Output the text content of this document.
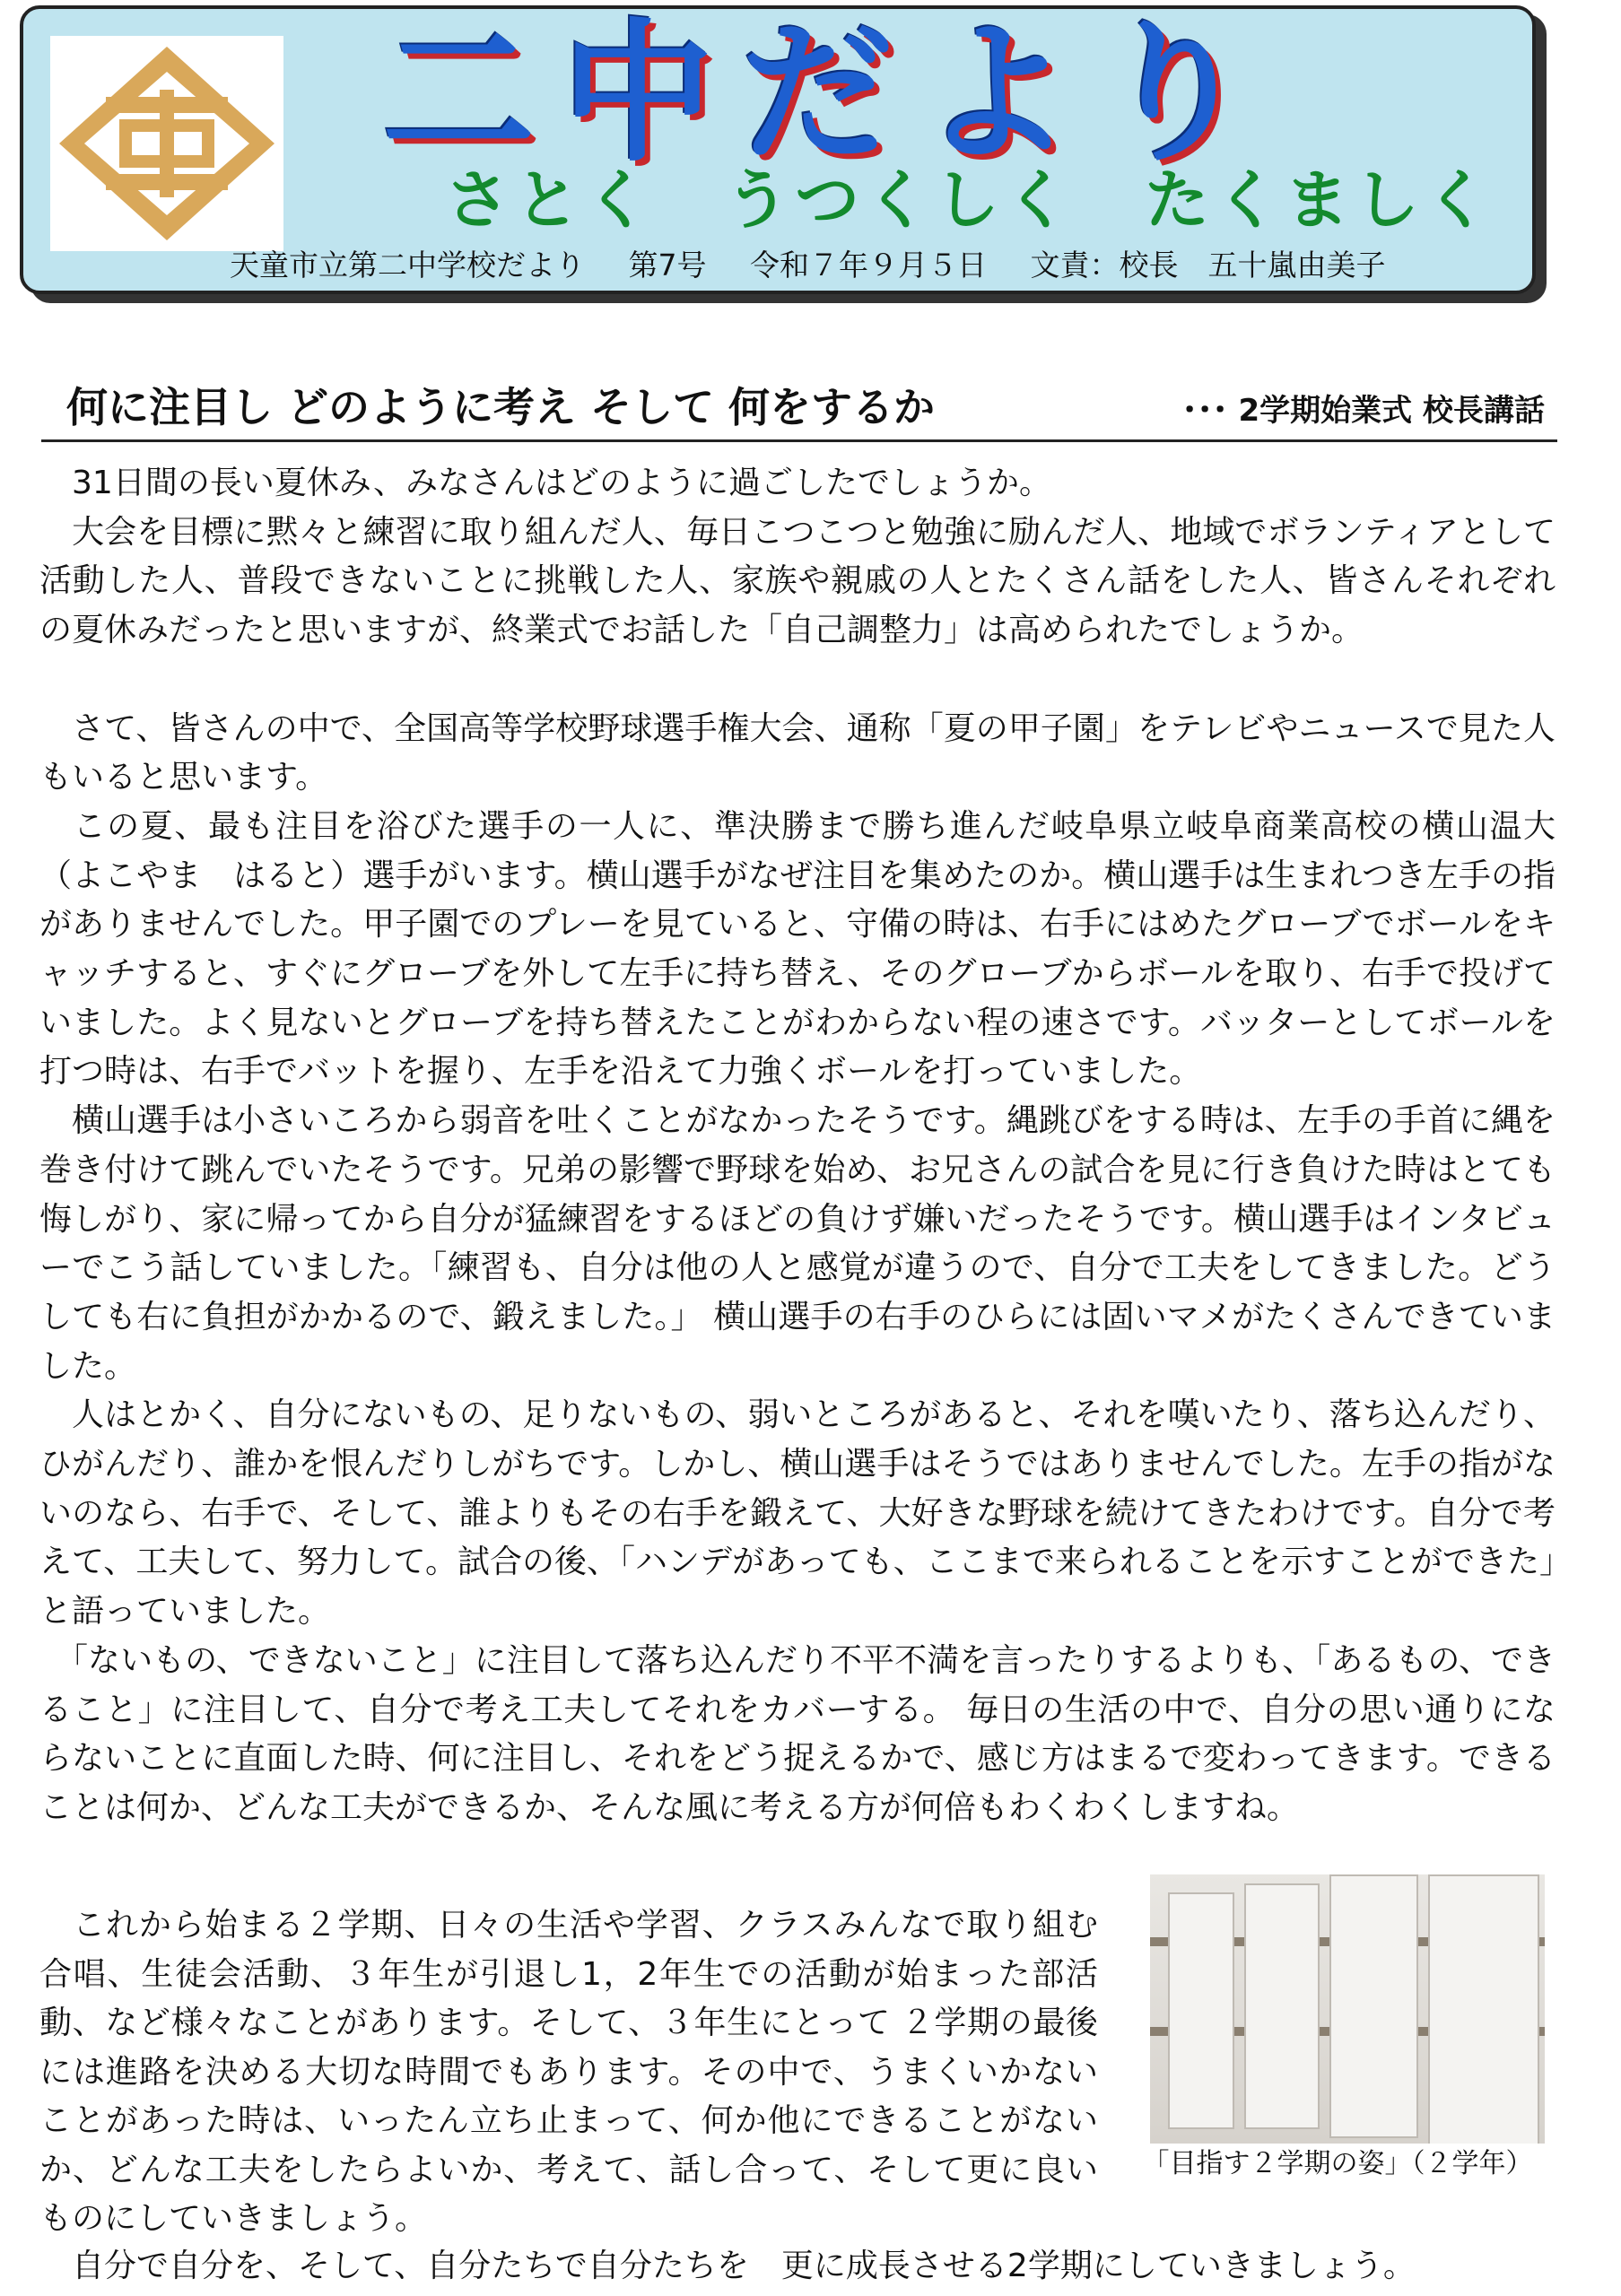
二中だより
さとく　うつくしく　たくましく
天童市立第二中学校だより 第7号 令和７年９月５日 文責：校長　五十嵐由美子
何に注目し どのように考え そして 何をするか	･･･ 2学期始業式 校長講話

　31日間の長い夏休み、みなさんはどのように過ごしたでしょうか。

　大会を目標に黙々と練習に取り組んだ人、毎日こつこつと勉強に励んだ人、地域でボランティアとして活動した人、普段できないことに挑戦した人、家族や親戚の人とたくさん話をした人、皆さんそれぞれの夏休みだったと思いますが、終業式でお話した「自己調整力」は高められたでしょうか。

　さて、皆さんの中で、全国高等学校野球選手権大会、通称「夏の甲子園」をテレビやニュースで見た人もいると思います。

　この夏、最も注目を浴びた選手の一人に、準決勝まで勝ち進んだ岐阜県立岐阜商業高校の横山温大（よこやま　はると）選手がいます。横山選手がなぜ注目を集めたのか。横山選手は生まれつき左手の指がありませんでした。甲子園でのプレーを見ていると、守備の時は、右手にはめたグローブでボールをキャッチすると、すぐにグローブを外して左手に持ち替え、そのグローブからボールを取り、右手で投げていました。よく見ないとグローブを持ち替えたことがわからない程の速さです。バッターとしてボールを打つ時は、右手でバットを握り、左手を沿えて力強くボールを打っていました。

　横山選手は小さいころから弱音を吐くことがなかったそうです。縄跳びをする時は、左手の手首に縄を巻き付けて跳んでいたそうです。兄弟の影響で野球を始め、お兄さんの試合を見に行き負けた時はとても悔しがり、家に帰ってから自分が猛練習をするほどの負けず嫌いだったそうです。横山選手はインタビューでこう話していました。「練習も、自分は他の人と感覚が違うので、自分で工夫をしてきました。どうしても右に負担がかかるので、鍛えました。」 横山選手の右手のひらには固いマメがたくさんできていました。

　人はとかく、自分にないもの、足りないもの、弱いところがあると、それを嘆いたり、落ち込んだり、ひがんだり、誰かを恨んだりしがちです。しかし、横山選手はそうではありませんでした。左手の指がないのなら、右手で、そして、誰よりもその右手を鍛えて、大好きな野球を続けてきたわけです。自分で考えて、工夫して、努力して。試合の後、「ハンデがあっても、ここまで来られることを示すことができた」と語っていました。

　「ないもの、できないこと」に注目して落ち込んだり不平不満を言ったりするよりも、「あるもの、できること」に注目して、自分で考え工夫してそれをカバーする。 毎日の生活の中で、自分の思い通りにならないことに直面した時、何に注目し、それをどう捉えるかで、感じ方はまるで変わってきます。できることは何か、どんな工夫ができるか、そんな風に考える方が何倍もわくわくしますね。

　これから始まる２学期、日々の生活や学習、クラスみんなで取り組む合唱、生徒会活動、３年生が引退し1，2年生での活動が始まった部活動、など様々なことがあります。そして、３年生にとって ２学期の最後には進路を決める大切な時間でもあります。その中で、うまくいかないことがあった時は、いったん立ち止まって、何か他にできることがないか、どんな工夫をしたらよいか、考えて、話し合って、そして更に良いものにしていきましょう。

　自分で自分を、そして、自分たちで自分たちを　更に成長させる2学期にしていきましょう。
「目指す２学期の姿」（２学年）
